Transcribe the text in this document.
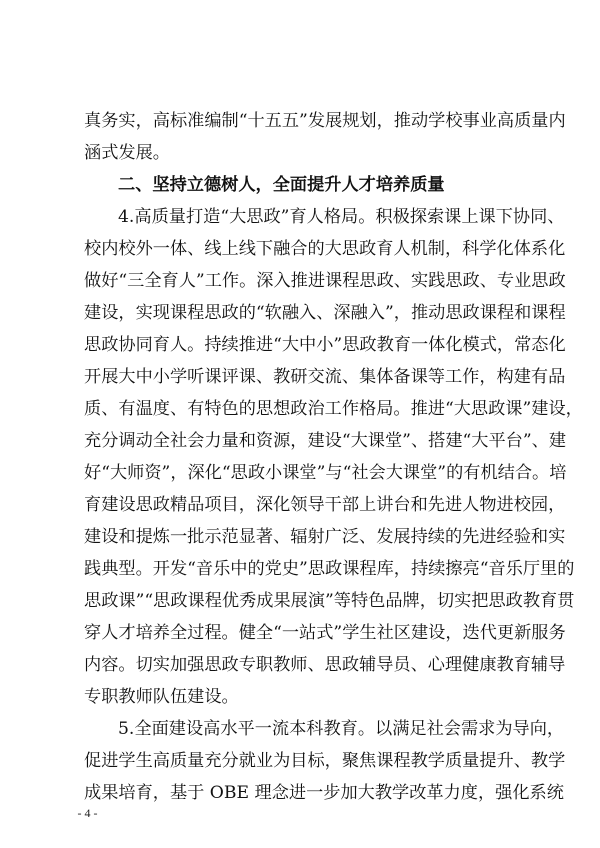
真务实，高标准编制“十五五”发展规划，推动学校事业高质量内
涵式发展。
二、坚持立德树人，全面提升人才培养质量
4.高质量打造“大思政”育人格局。积极探索课上课下协同、
校内校外一体、线上线下融合的大思政育人机制，科学化体系化
做好“三全育人”工作。深入推进课程思政、实践思政、专业思政
建设，实现课程思政的“软融入、深融入”，推动思政课程和课程
思政协同育人。持续推进“大中小”思政教育一体化模式，常态化
开展大中小学听课评课、教研交流、集体备课等工作，构建有品
质、有温度、有特色的思想政治工作格局。推进“大思政课”建设，
充分调动全社会力量和资源，建设“大课堂”、搭建“大平台”、建
好“大师资”，深化“思政小课堂”与“社会大课堂”的有机结合。培
育建设思政精品项目，深化领导干部上讲台和先进人物进校园，
建设和提炼一批示范显著、辐射广泛、发展持续的先进经验和实
践典型。开发“音乐中的党史”思政课程库，持续擦亮“音乐厅里的
思政课”“思政课程优秀成果展演”等特色品牌，切实把思政教育贯
穿人才培养全过程。健全“一站式”学生社区建设，迭代更新服务
内容。切实加强思政专职教师、思政辅导员、心理健康教育辅导
专职教师队伍建设。
5.全面建设高水平一流本科教育。以满足社会需求为导向，
促进学生高质量充分就业为目标，聚焦课程教学质量提升、教学
成果培育，基于 OBE 理念进一步加大教学改革力度，强化系统
- 4 -
